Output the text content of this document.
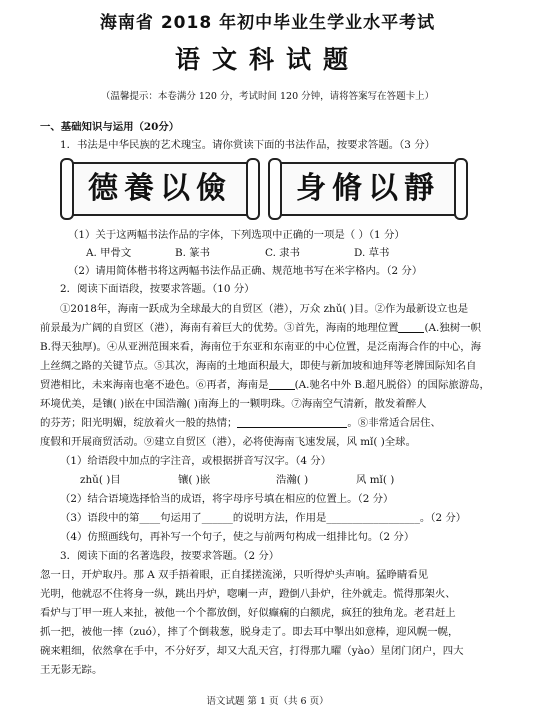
海南省 2018 年初中毕业生学业水平考试
语文科试题
（温馨提示：本卷满分 120 分，考试时间 120 分钟，请将答案写在答题卡上）
一、基础知识与运用（20分）
1．书法是中华民族的艺术瑰宝。请你赏读下面的书法作品，按要求答题。（3 分）
德養以儉	身脩以靜
（1）关于这两幅书法作品的字体，下列选项中正确的一项是（ ）（1 分）
A. 甲骨文	B. 篆书	C. 隶书	D. 草书
（2）请用简体楷书将这两幅书法作品正确、规范地书写在米字格内。（2 分）
2．阅读下面语段，按要求答题。（10 分）
①2018年，海南一跃成为全球最大的自贸区（港），万众 zhǔ( )目。②作为最新设立也是
前景最为广阔的自贸区（港），海南有着巨大的优势。③首先，海南的地理位置	(A.独树一帜
B.得天独厚)。④从亚洲范围来看，海南位于东亚和东南亚的中心位置，是泛南海合作的中心，海
上丝绸之路的关键节点。⑤其次，海南的土地面积最大，即使与新加坡和迪拜等老牌国际知名自
贸港相比，未来海南也毫不逊色。⑥再者，海南是	(A.驰名中外 B.超凡脱俗）的国际旅游岛，
环境优美，是镶( )嵌在中国浩瀚( )南海上的一颗明珠。⑦海南空气清新，散发着醉人
的芬芳；阳光明媚，绽放着火一般的热情；	。⑧非常适合居住、
度假和开展商贸活动。⑨建立自贸区（港），必将使海南飞速发展，风 mǐ( )全球。
（1）给语段中加点的字注音，或根据拼音写汉字。（4 分）
zhǔ( )目	镶( )嵌	浩瀚( )	风 mǐ( )
（2）结合语境选择恰当的成语，将字母序号填在相应的位置上。（2 分）
（3）语段中的第____句运用了______的说明方法，作用是__________________。（2 分）
（4）仿照画线句，再补写一个句子，使之与前两句构成一组排比句。（2 分）
3．阅读下面的名著选段，按要求答题。（2 分）
忽一日，开炉取丹。那 A 双手捂着眼，正自揉搓流涕，只听得炉头声响。猛睁睛看见
光明，他就忍不住将身一纵，跳出丹炉，唿喇一声，蹬倒八卦炉，往外就走。慌得那架火、
看炉与丁甲一班人来扯，被他一个个都放倒，好似癫痫的白额虎，疯狂的独角龙。老君赶上
抓一把，被他一摔（zuó），摔了个倒栽葱，脱身走了。即去耳中掣出如意棒，迎风幌一幌，
碗来粗细，依然拿在手中，不分好歹，却又大乱天宫，打得那九曜（yào）星闭门闭户，四大
王无影无踪。
语文试题 第 1 页（共 6 页）
